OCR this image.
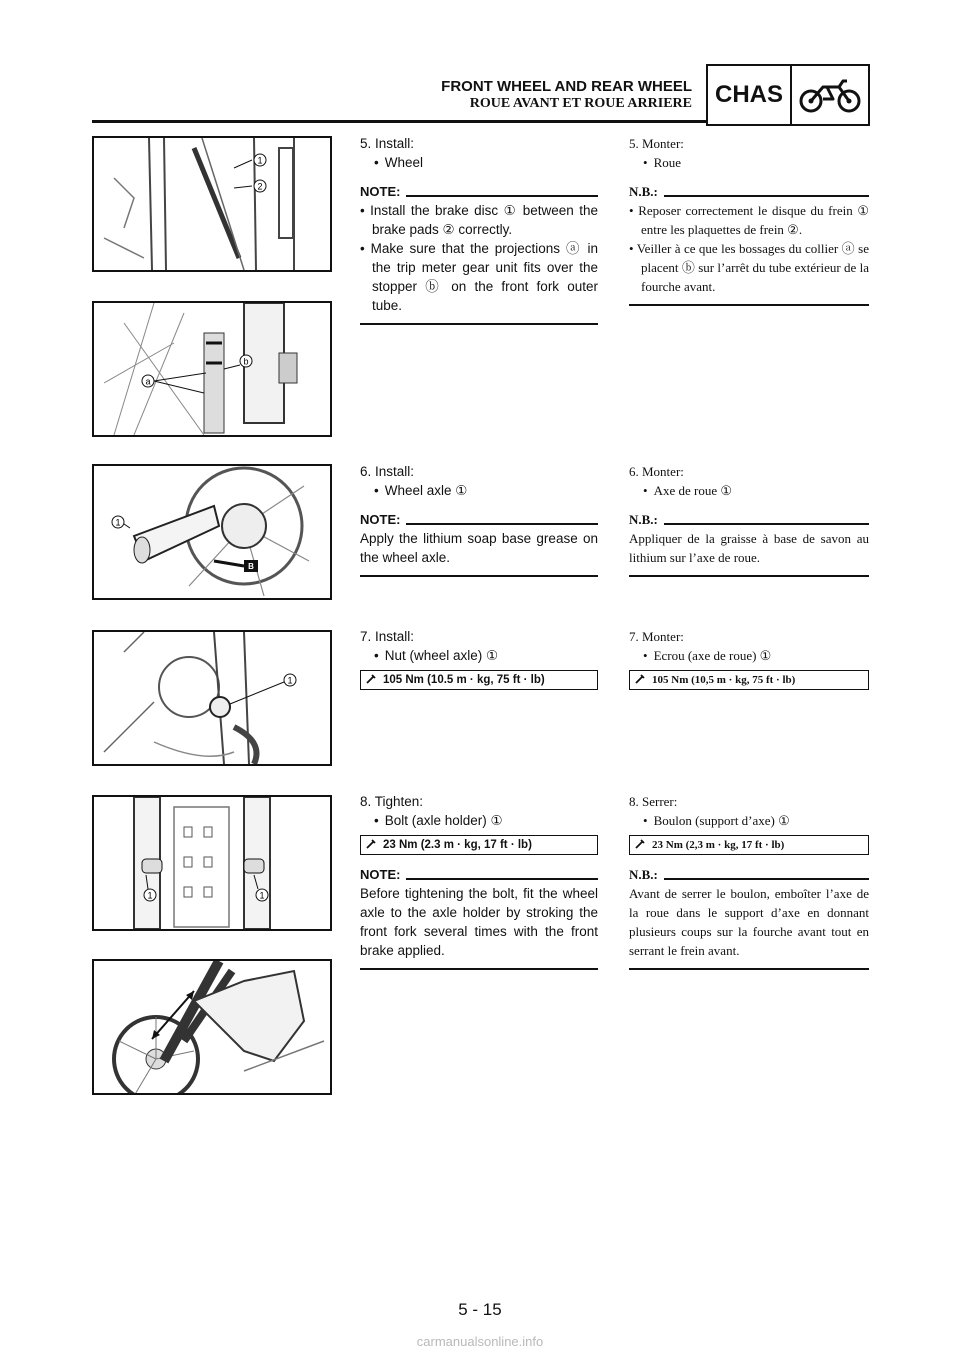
FRONT WHEEL AND REAR WHEEL
ROUE AVANT ET ROUE ARRIERE CHAS
1
2
a
b
B
1
1
1	1

5. Install:

• Wheel

NOTE:

• Install the brake disc ① between the brake pads ② correctly.

• Make sure that the projections ⓐ in the trip meter gear unit fits over the stopper ⓑ on the front fork outer tube.

5. Monter:

• Roue

N.B.:

• Reposer correctement le disque du frein ① entre les plaquettes de frein ②.

• Veiller à ce que les bossages du collier ⓐ se placent ⓑ sur l’arrêt du tube extérieur de la fourche avant.

6. Install:

• Wheel axle ①

NOTE:

Apply the lithium soap base grease on the wheel axle.

6. Monter:

• Axe de roue ①

N.B.:

Appliquer de la graisse à base de savon au lithium sur l’axe de roue.

7. Install:

• Nut (wheel axle) ①

105 Nm (10.5 m · kg, 75 ft · lb)

7. Monter:

• Ecrou (axe de roue) ①

105 Nm (10,5 m · kg, 75 ft · lb)

8. Tighten:

• Bolt (axle holder) ①

23 Nm (2.3 m · kg, 17 ft · lb)
NOTE:

Before tightening the bolt, fit the wheel axle to the axle holder by stroking the front fork several times with the front brake applied.

8. Serrer:

• Boulon (support d’axe) ①

23 Nm (2,3 m · kg, 17 ft · lb)
N.B.:

Avant de serrer le boulon, emboîter l’axe de la roue dans le support d’axe en donnant plusieurs coups sur la fourche avant tout en serrant le frein avant.

5 - 15
carmanualsonline.info
